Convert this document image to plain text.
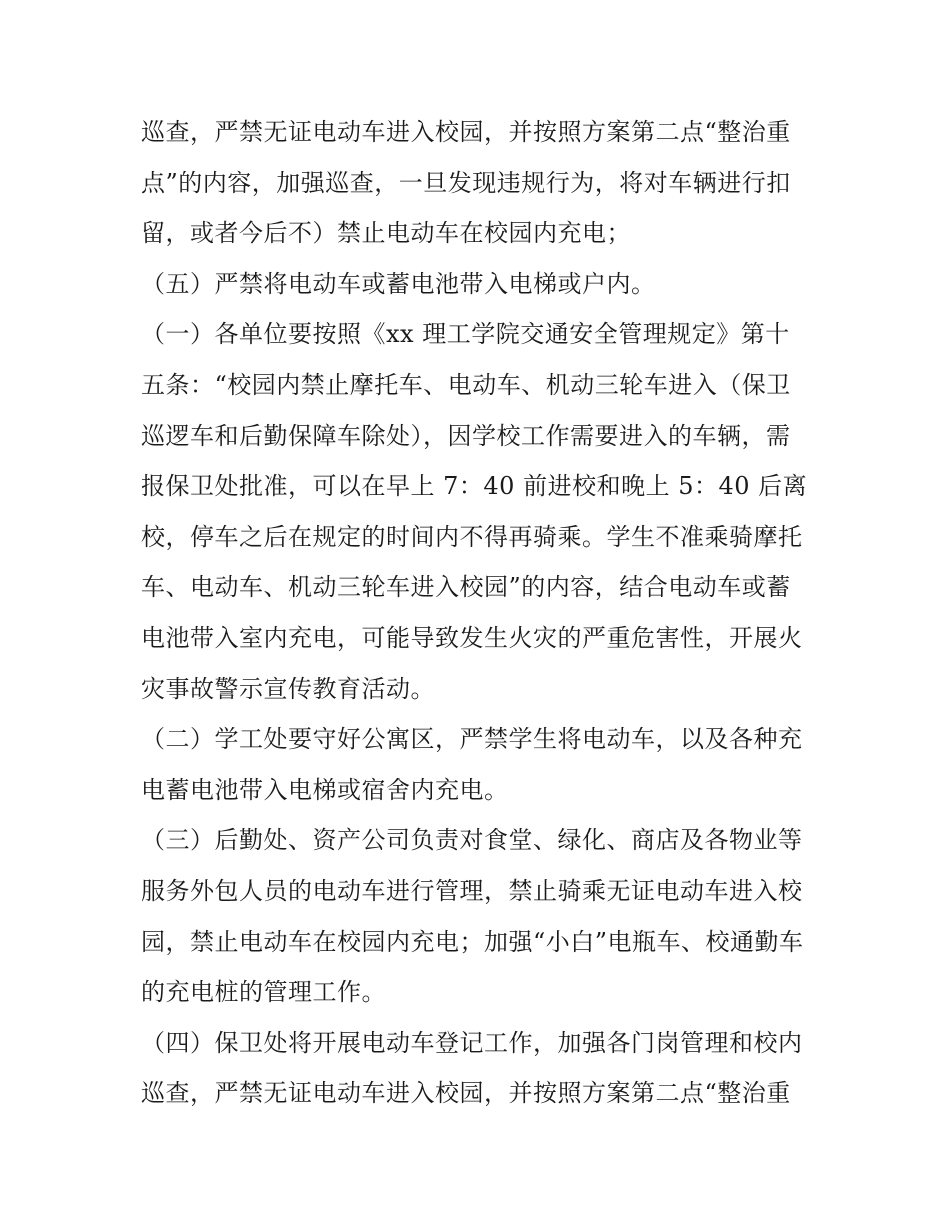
巡查，严禁无证电动车进入校园，并按照方案第二点“整治重
点”的内容，加强巡查，一旦发现违规行为，将对车辆进行扣
留，或者今后不）禁止电动车在校园内充电；
（五）严禁将电动车或蓄电池带入电梯或户内。
（一）各单位要按照《xx 理工学院交通安全管理规定》第十
五条：“校园内禁止摩托车、电动车、机动三轮车进入（保卫
巡逻车和后勤保障车除处），因学校工作需要进入的车辆，需
报保卫处批准，可以在早上 7：40 前进校和晚上 5：40 后离
校，停车之后在规定的时间内不得再骑乘。学生不准乘骑摩托
车、电动车、机动三轮车进入校园”的内容，结合电动车或蓄
电池带入室内充电，可能导致发生火灾的严重危害性，开展火
灾事故警示宣传教育活动。
（二）学工处要守好公寓区，严禁学生将电动车，以及各种充
电蓄电池带入电梯或宿舍内充电。
（三）后勤处、资产公司负责对食堂、绿化、商店及各物业等
服务外包人员的电动车进行管理，禁止骑乘无证电动车进入校
园，禁止电动车在校园内充电；加强“小白”电瓶车、校通勤车
的充电桩的管理工作。
（四）保卫处将开展电动车登记工作，加强各门岗管理和校内
巡查，严禁无证电动车进入校园，并按照方案第二点“整治重
